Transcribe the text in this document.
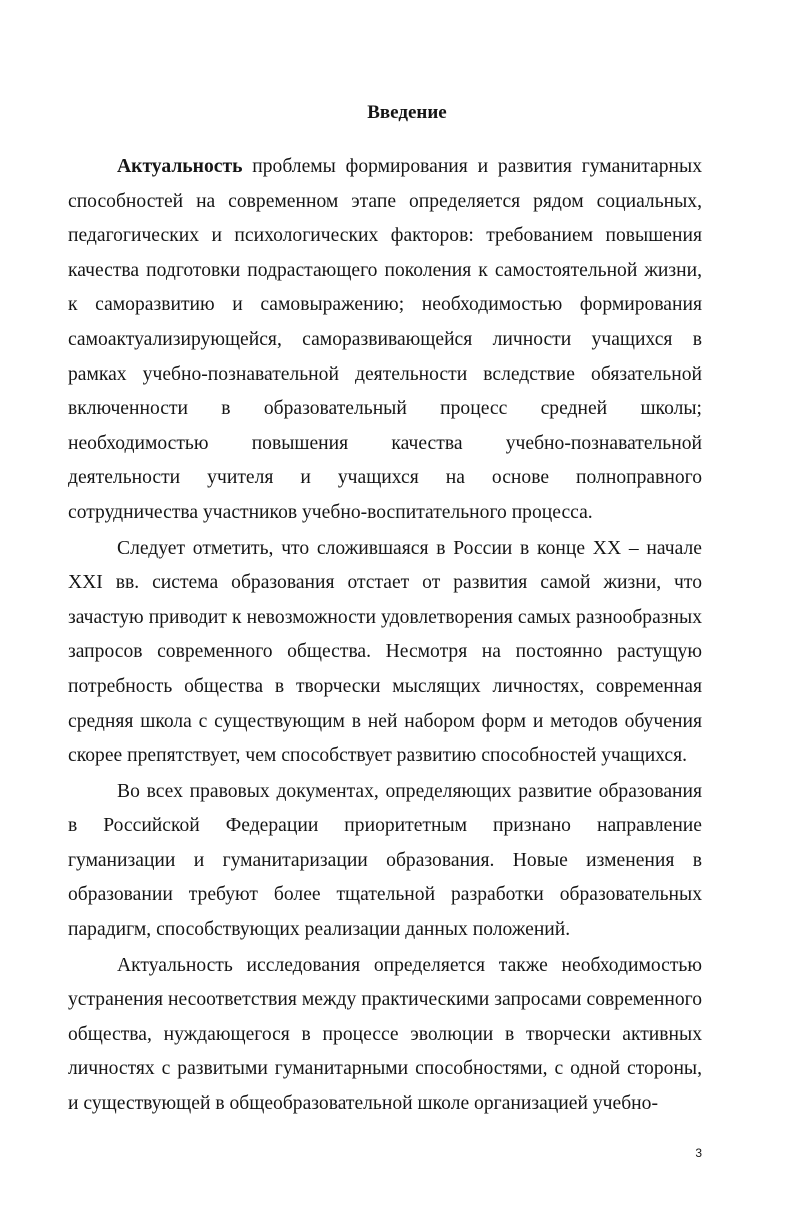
Введение

Актуальность проблемы формирования и развития гуманитарных способностей на современном этапе определяется рядом социальных, педагогических и психологических факторов: требованием повышения качества подготовки подрастающего поколения к самостоятельной жизни, к саморазвитию и самовыражению; необходимостью формирования самоактуализирующейся, саморазвивающейся личности учащихся в рамках учебно-познавательной деятельности вследствие обязательной включенности в образовательный процесс средней школы; необходимостью повышения качества учебно-познавательной деятельности учителя и учащихся на основе полноправного сотрудничества участников учебно-воспитательного процесса.

Следует отметить, что сложившаяся в России в конце XX – начале XXI вв. система образования отстает от развития самой жизни, что зачастую приводит к невозможности удовлетворения самых разнообразных запросов современного общества. Несмотря на постоянно растущую потребность общества в творчески мыслящих личностях, современная средняя школа с существующим в ней набором форм и методов обучения скорее препятствует, чем способствует развитию способностей учащихся.

Во всех правовых документах, определяющих развитие образования в Российской Федерации приоритетным признано направление гуманизации и гуманитаризации образования. Новые изменения в образовании требуют более тщательной разработки образовательных парадигм, способствующих реализации данных положений.

Актуальность исследования определяется также необходимостью устранения несоответствия между практическими запросами современного общества, нуждающегося в процессе эволюции в творчески активных личностях с развитыми гуманитарными способностями, с одной стороны, и существующей в общеобразовательной школе организацией учебно-

3
